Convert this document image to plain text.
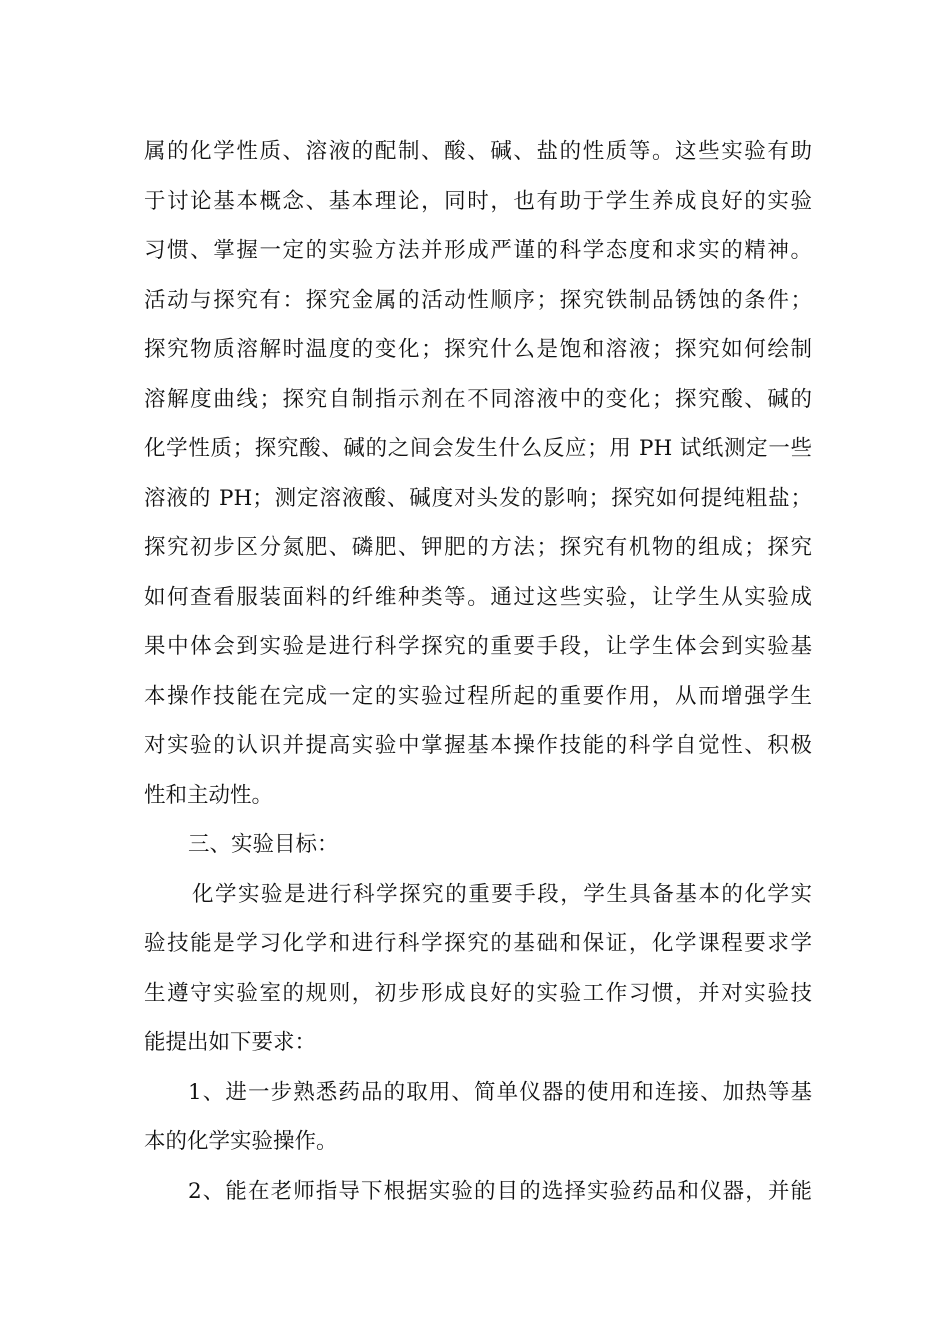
属的化学性质、溶液的配制、酸、碱、盐的性质等。这些实验有助
于讨论基本概念、基本理论，同时，也有助于学生养成良好的实验
习惯、掌握一定的实验方法并形成严谨的科学态度和求实的精神。
活动与探究有：探究金属的活动性顺序；探究铁制品锈蚀的条件；
探究物质溶解时温度的变化；探究什么是饱和溶液；探究如何绘制
溶解度曲线；探究自制指示剂在不同溶液中的变化；探究酸、碱的
化学性质；探究酸、碱的之间会发生什么反应；用 PH 试纸测定一些
溶液的 PH；测定溶液酸、碱度对头发的影响；探究如何提纯粗盐；
探究初步区分氮肥、磷肥、钾肥的方法；探究有机物的组成；探究
如何查看服装面料的纤维种类等。通过这些实验，让学生从实验成
果中体会到实验是进行科学探究的重要手段，让学生体会到实验基
本操作技能在完成一定的实验过程所起的重要作用，从而增强学生
对实验的认识并提高实验中掌握基本操作技能的科学自觉性、积极
性和主动性。
三、实验目标：
化学实验是进行科学探究的重要手段，学生具备基本的化学实
验技能是学习化学和进行科学探究的基础和保证，化学课程要求学
生遵守实验室的规则，初步形成良好的实验工作习惯，并对实验技
能提出如下要求：
1、进一步熟悉药品的取用、简单仪器的使用和连接、加热等基
本的化学实验操作。
2、能在老师指导下根据实验的目的选择实验药品和仪器，并能
